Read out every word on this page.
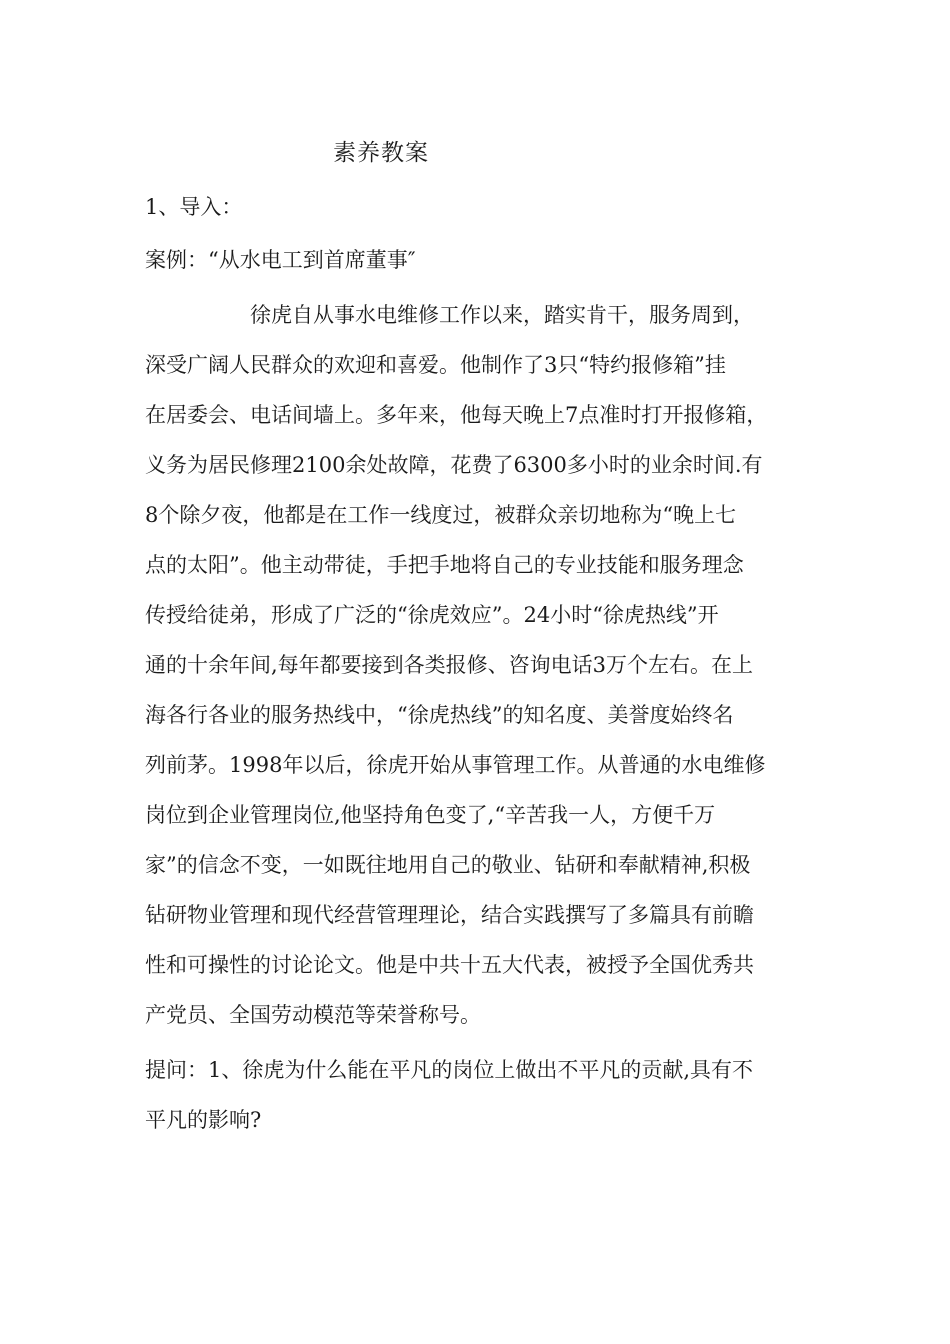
素养教案
1、导入：
案例：“从水电工到首席董事″
　　　　　徐虎自从事水电维修工作以来，踏实肯干，服务周到，
深受广阔人民群众的欢迎和喜爱。他制作了3只“特约报修箱”挂
在居委会、电话间墙上。多年来，他每天晚上7点准时打开报修箱，
义务为居民修理2100余处故障，花费了6300多小时的业余时间.有
8个除夕夜，他都是在工作一线度过，被群众亲切地称为“晚上七
点的太阳”。他主动带徒，手把手地将自己的专业技能和服务理念
传授给徒弟，形成了广泛的“徐虎效应”。24小时“徐虎热线”开
通的十余年间,每年都要接到各类报修、咨询电话3万个左右。在上
海各行各业的服务热线中，“徐虎热线”的知名度、美誉度始终名
列前茅。1998年以后，徐虎开始从事管理工作。从普通的水电维修
岗位到企业管理岗位,他坚持角色变了,“辛苦我一人，方便千万
家”的信念不变，一如既往地用自己的敬业、钻研和奉献精神,积极
钻研物业管理和现代经营管理理论，结合实践撰写了多篇具有前瞻
性和可操性的讨论论文。他是中共十五大代表，被授予全国优秀共
产党员、全国劳动模范等荣誉称号。
提问：1、徐虎为什么能在平凡的岗位上做出不平凡的贡献,具有不
平凡的影响?
